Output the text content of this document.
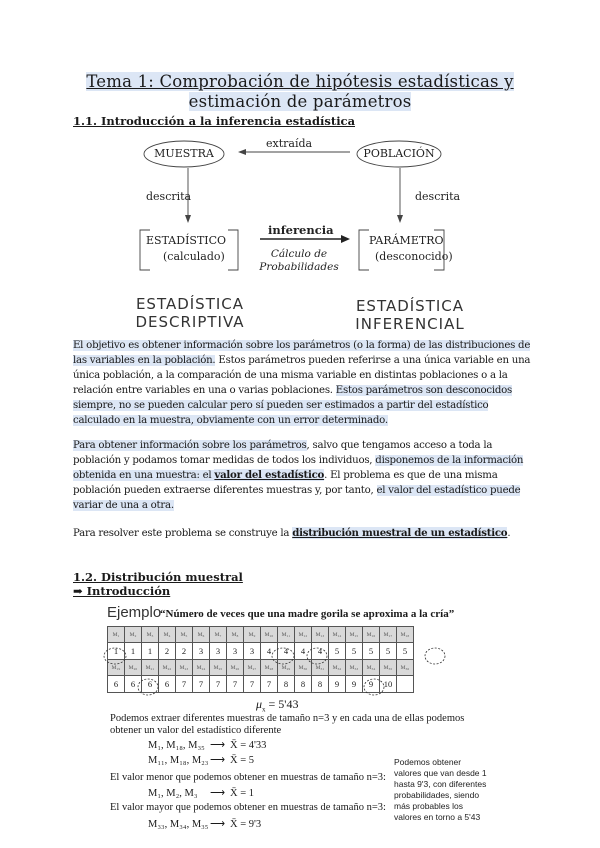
Tema 1: Comprobación de hipótesis estadísticas y
estimación de parámetros
1.1. Introducción a la inferencia estadística
MUESTRA	POBLACIÓN
extraída
descrita	descrita
ESTADÍSTICO
(calculado)
inferencia
Cálculo de
Probabilidades
PARÁMETRO
(desconocido)
ESTADÍSTICA
DESCRIPTIVA
ESTADÍSTICA
INFERENCIAL
El objetivo es obtener información sobre los parámetros (o la forma) de las distribuciones de las variables en la población. Estos parámetros pueden referirse a una única variable en una única población, a la comparación de una misma variable en distintas poblaciones o a la relación entre variables en una o varias poblaciones. Estos parámetros son desconocidos siempre, no se pueden calcular pero sí pueden ser estimados a partir del estadístico calculado en la muestra, obviamente con un error determinado.
Para obtener información sobre los parámetros, salvo que tengamos acceso a toda la población y podamos tomar medidas de todos los individuos, disponemos de la información obtenida en una muestra: el valor del estadístico. El problema es que de una misma población pueden extraerse diferentes muestras y, por tanto, el valor del estadístico puede variar de una a otra.
Para resolver este problema se construye la distribución muestral de un estadístico.
1.2. Distribución muestral
➡ Introducción
Ejemplo
“Número de veces que una madre gorila se aproxima a la cría”
M₁	M₂	M₃	M₄	M₅	M₆	M₇	M₈	M₉	M₁₀	M₁₁	M₁₂	M₁₃	M₁₄	M₁₅	M₁₆	M₁₇	M₁₈
1	1	1	2	2	3	3	3	3	4	4	4	4	5	5	5	5	5
M₁₉	M₂₀	M₂₁	M₂₂	M₂₃	M₂₄	M₂₅	M₂₆	M₂₇	M₂₈	M₂₉	M₃₀	M₃₁	M₃₂	M₃₃	M₃₄	M₃₅	M₃₆
6	6	6	6	7	7	7	7	7	7	8	8	8	9	9	9	10	
$\mu_x = 5'43$
Podemos extraer diferentes muestras de tamaño n=3 y en cada una de ellas podemos obtener un valor del estadístico diferente
M₁, M₁₈, M₃₅ ⟶ X̄ = 4'33
M₁₁, M₁₈, M₂₃ ⟶ X̄ = 5
El valor menor que podemos obtener en muestras de tamaño n=3:
M₁, M₂, M₃ ⟶ X̄ = 1
El valor mayor que podemos obtener en muestras de tamaño n=3:
M₃₃, M₃₄, M₃₅ ⟶ X̄ = 9'3
Podemos obtener valores que van desde 1 hasta 9'3, con diferentes probabilidades, siendo más probables los valores en torno a 5'43
